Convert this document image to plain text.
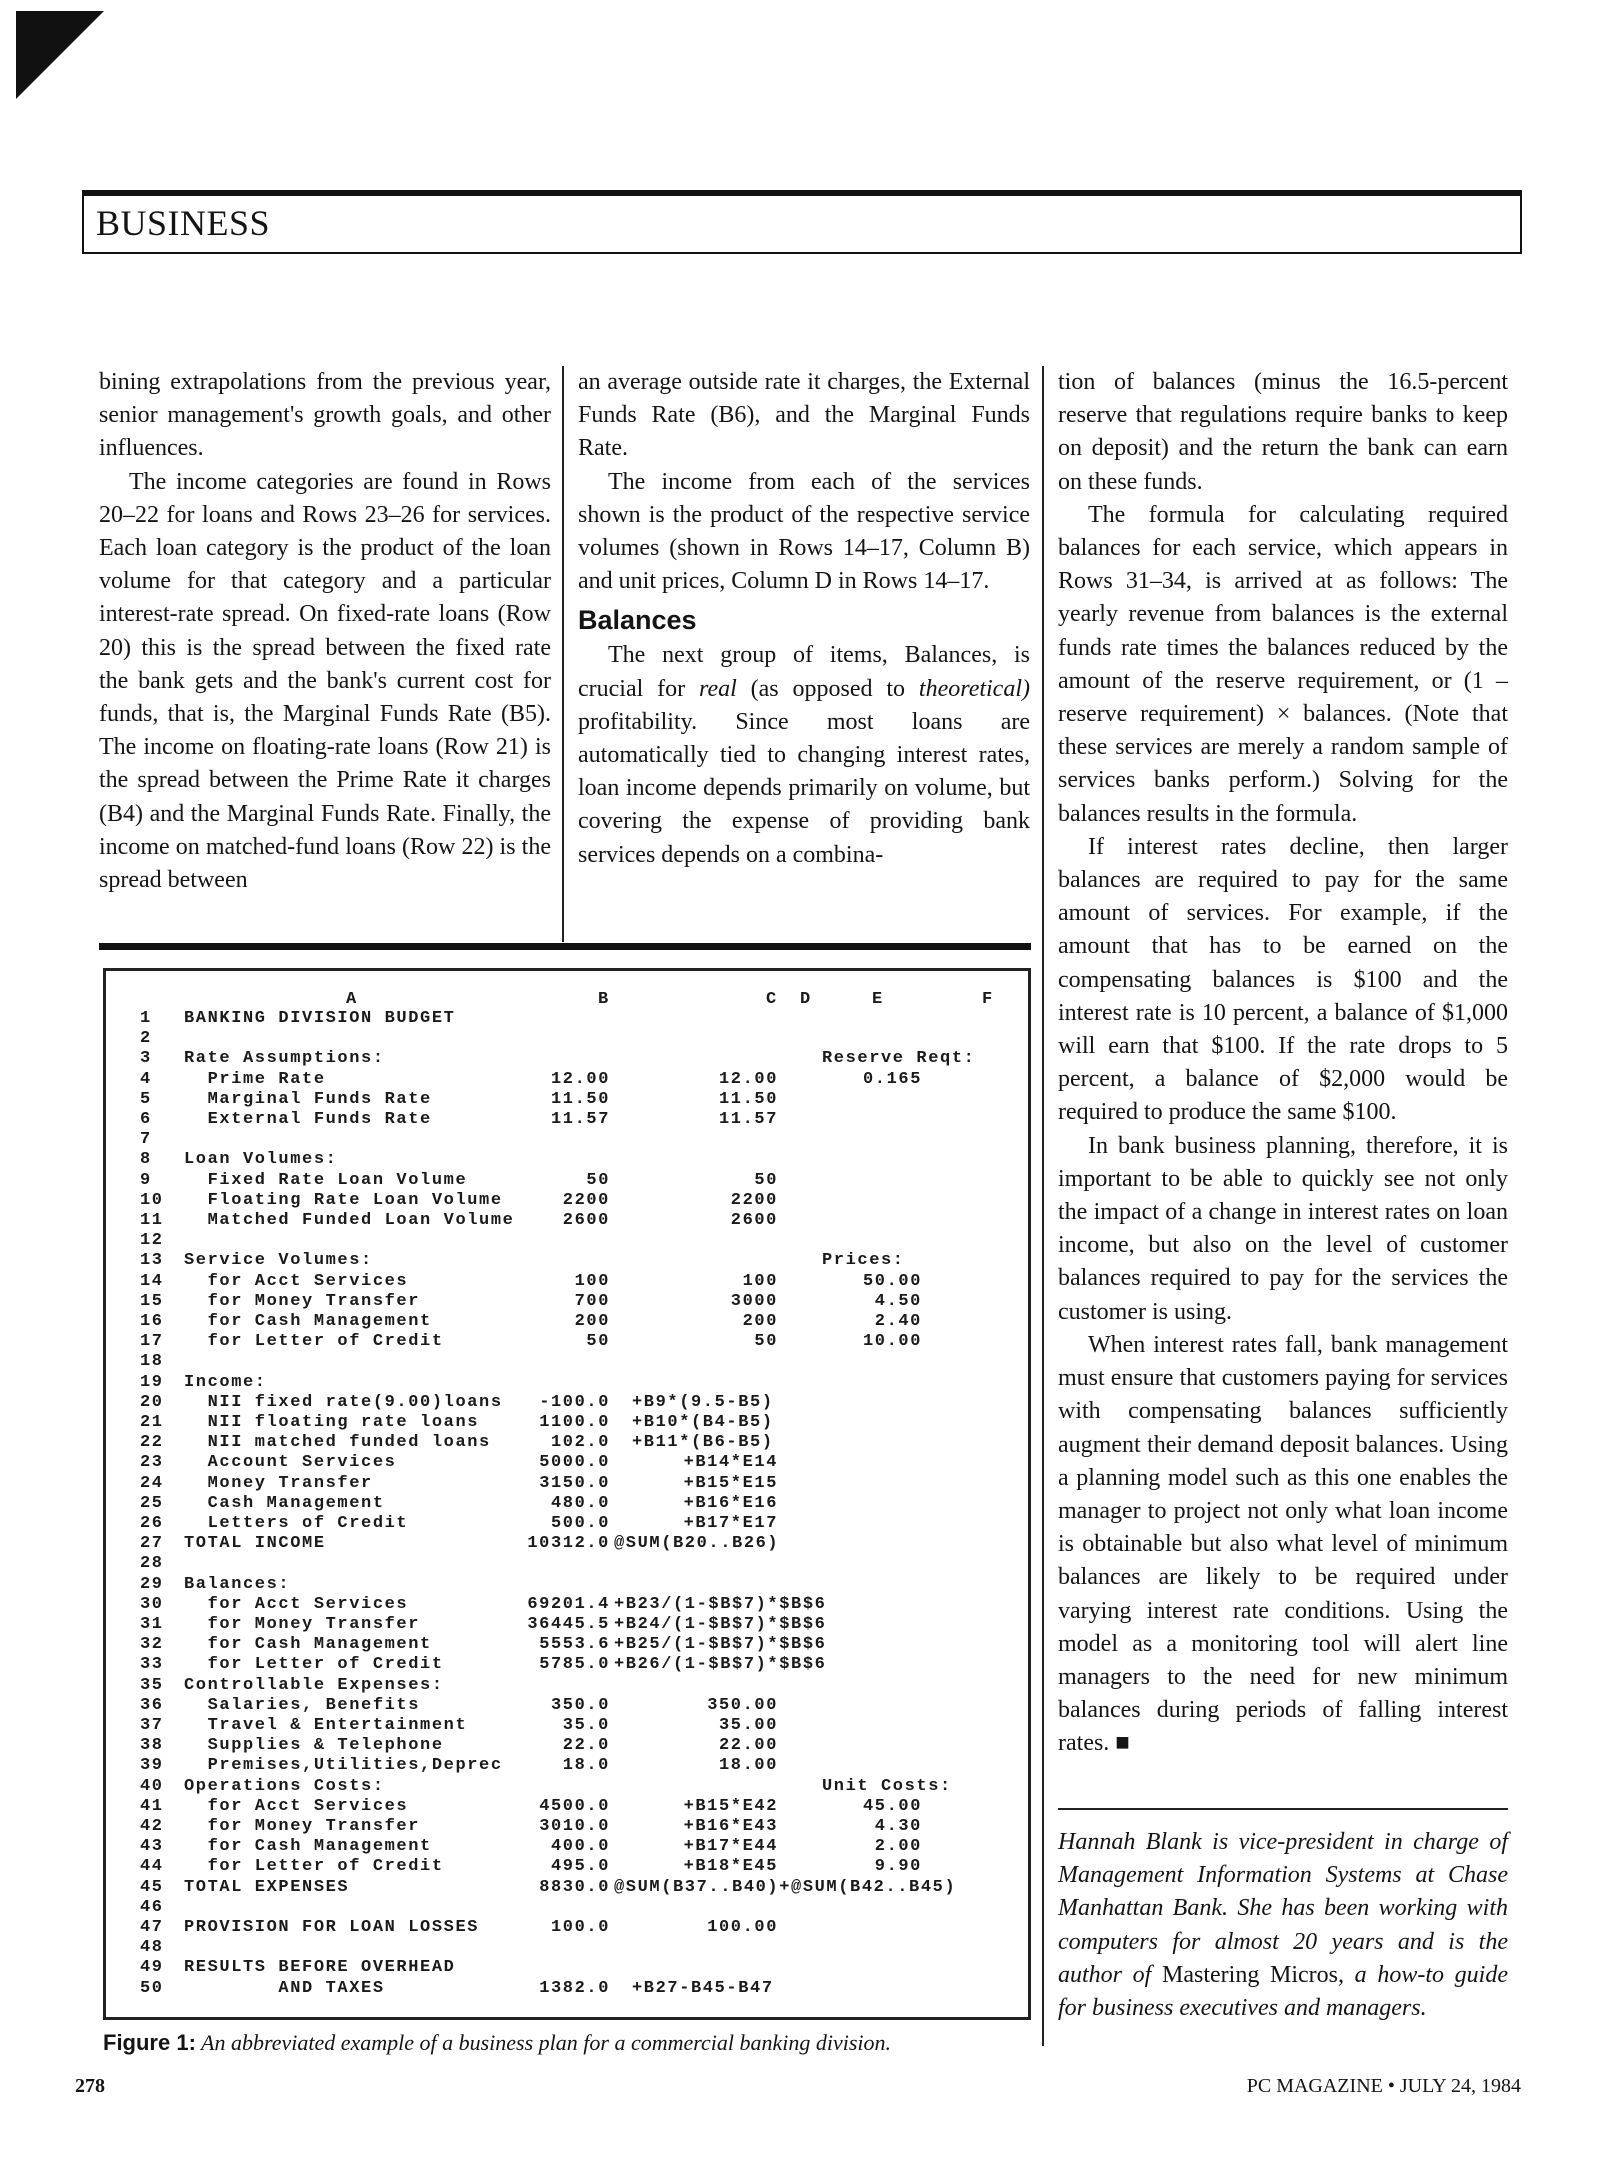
BUSINESS

bining extrapolations from the previous year, senior management's growth goals, and other influences.

The income categories are found in Rows 20–22 for loans and Rows 23–26 for services. Each loan category is the product of the loan volume for that category and a particular interest-rate spread. On fixed-rate loans (Row 20) this is the spread between the fixed rate the bank gets and the bank's current cost for funds, that is, the Marginal Funds Rate (B5). The income on floating-rate loans (Row 21) is the spread between the Prime Rate it charges (B4) and the Marginal Funds Rate. Finally, the income on matched-fund loans (Row 22) is the spread between

an average outside rate it charges, the External Funds Rate (B6), and the Marginal Funds Rate.

The income from each of the services shown is the product of the respective service volumes (shown in Rows 14–17, Column B) and unit prices, Column D in Rows 14–17.

Balances

The next group of items, Balances, is crucial for real (as opposed to theoretical) profitability. Since most loans are automatically tied to changing interest rates, loan income depends primarily on volume, but covering the expense of providing bank services depends on a combina-

tion of balances (minus the 16.5-percent reserve that regulations require banks to keep on deposit) and the return the bank can earn on these funds.

The formula for calculating required balances for each service, which appears in Rows 31–34, is arrived at as follows: The yearly revenue from balances is the external funds rate times the balances reduced by the amount of the reserve requirement, or (1 – reserve requirement) × balances. (Note that these services are merely a random sample of services banks perform.) Solving for the balances results in the formula.

If interest rates decline, then larger balances are required to pay for the same amount of services. For example, if the amount that has to be earned on the compensating balances is $100 and the interest rate is 10 percent, a balance of $1,000 will earn that $100. If the rate drops to 5 percent, a balance of $2,000 would be required to produce the same $100.

In bank business planning, therefore, it is important to be able to quickly see not only the impact of a change in interest rates on loan income, but also on the level of customer balances required to pay for the services the customer is using.

When interest rates fall, bank management must ensure that customers paying for services with compensating balances sufficiently augment their demand deposit balances. Using a planning model such as this one enables the manager to project not only what loan income is obtainable but also what level of minimum balances are likely to be required under varying interest rate conditions. Using the model as a monitoring tool will alert line managers to the need for new minimum balances during periods of falling interest rates. ■

A	B	C D	E	F
1 BANKING DIVISION BUDGET
2
3 Rate Assumptions:	Reserve Reqt:
4 Prime Rate	12.00	12.00	0.165
5 Marginal Funds Rate	11.50	11.50
6 External Funds Rate	11.57	11.57
7
8 Loan Volumes:
9 Fixed Rate Loan Volume	50	50
10 Floating Rate Loan Volume	2200	2200
11 Matched Funded Loan Volume	2600	2600
12
13 Service Volumes:	Prices:
14 for Acct Services	100	100	50.00
15 for Money Transfer	700	3000	4.50
16 for Cash Management	200	200	2.40
17 for Letter of Credit	50	50	10.00
18
19 Income:
20 NII fixed rate(9.00)loans -100.0 +B9*(9.5-B5)
21 NII floating rate loans	1100.0 +B10*(B4-B5)
22 NII matched funded loans	102.0 +B11*(B6-B5)
23 Account Services	5000.0	+B14*E14
24 Money Transfer	3150.0	+B15*E15
25 Cash Management	480.0	+B16*E16
26 Letters of Credit	500.0	+B17*E17
27 TOTAL INCOME	10312.0 @SUM(B20..B26)
28
29 Balances:
30 for Acct Services	69201.4 +B23/(1-$B$7)*$B$6
31 for Money Transfer	36445.5 +B24/(1-$B$7)*$B$6
32 for Cash Management	5553.6 +B25/(1-$B$7)*$B$6
33 for Letter of Credit	5785.0 +B26/(1-$B$7)*$B$6
35 Controllable Expenses:
36 Salaries, Benefits	350.0	350.00
37 Travel & Entertainment	35.0	35.00
38 Supplies & Telephone	22.0	22.00
39 Premises,Utilities,Deprec	18.0	18.00
40 Operations Costs:	Unit Costs:
41 for Acct Services	4500.0	+B15*E42	45.00
42 for Money Transfer	3010.0	+B16*E43	4.30
43 for Cash Management	400.0	+B17*E44	2.00
44 for Letter of Credit	495.0	+B18*E45	9.90
45 TOTAL EXPENSES	8830.0 @SUM(B37..B40)+@SUM(B42..B45)
46
47 PROVISION FOR LOAN LOSSES	100.0	100.00
48
49 RESULTS BEFORE OVERHEAD
50 AND TAXES	1382.0 +B27-B45-B47
Figure 1: An abbreviated example of a business plan for a commercial banking division.
Hannah Blank is vice-president in charge of Management Information Systems at Chase Manhattan Bank. She has been working with computers for almost 20 years and is the author of Mastering Micros, a how-to guide for business executives and managers.
278	PC MAGAZINE • JULY 24, 1984
